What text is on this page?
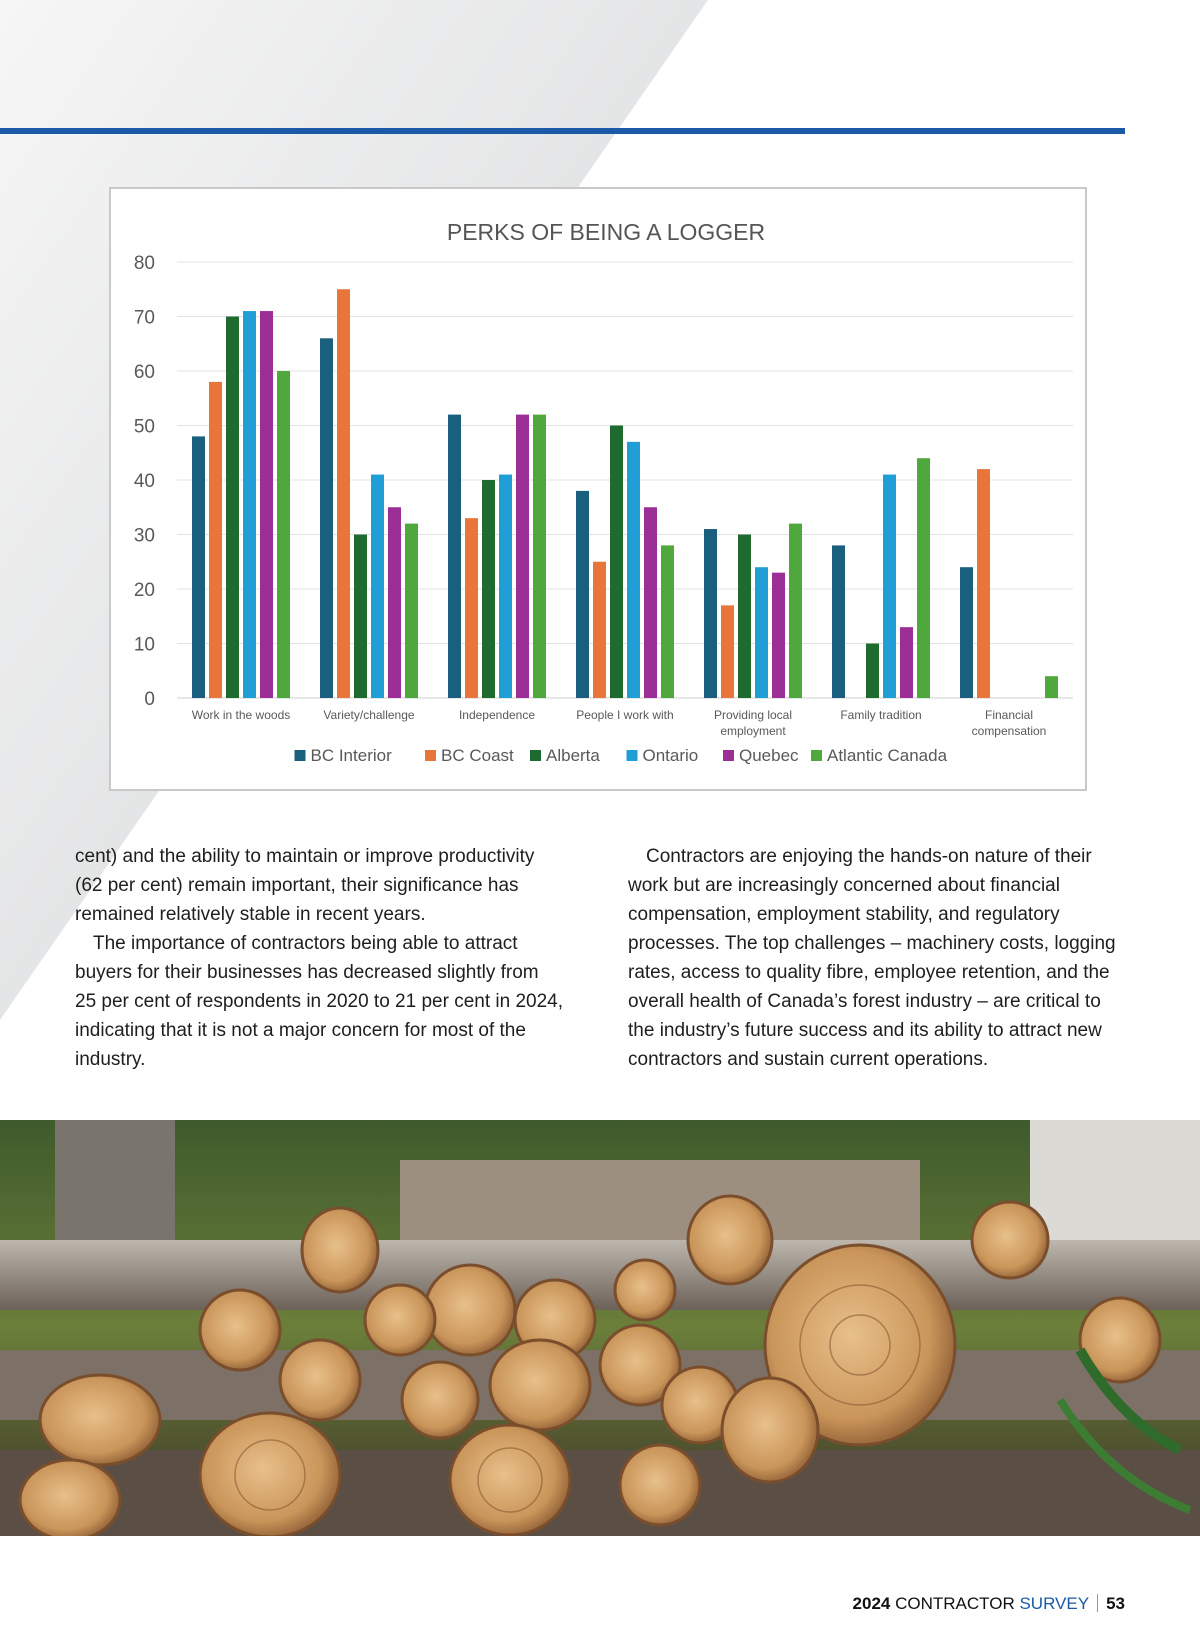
PERKS OF BEING A LOGGER
0
10
20
30
40
50
60
70
80
Work in the woods	Variety/challenge	Independence	People I work with	Providing local employment
Family tradition	Financial compensation
BC Interior	BC Coast Alberta	Ontario Quebec Atlantic Canada

cent) and the ability to maintain or improve productivity (62 per cent) remain important, their significance has remained relatively stable in recent years.

The importance of contractors being able to attract buyers for their businesses has decreased slightly from 25 per cent of respondents in 2020 to 21 per cent in 2024, indicating that it is not a major concern for most of the industry.

Contractors are enjoying the hands-on nature of their work but are increasingly concerned about financial compensation, employment stability, and regulatory processes. The top challenges – machinery costs, logging rates, access to quality fibre, employee retention, and the overall health of Canada’s forest industry – are critical to the industry’s future success and its ability to attract new contractors and sustain current operations.

2024 CONTRACTOR SURVEY 53
